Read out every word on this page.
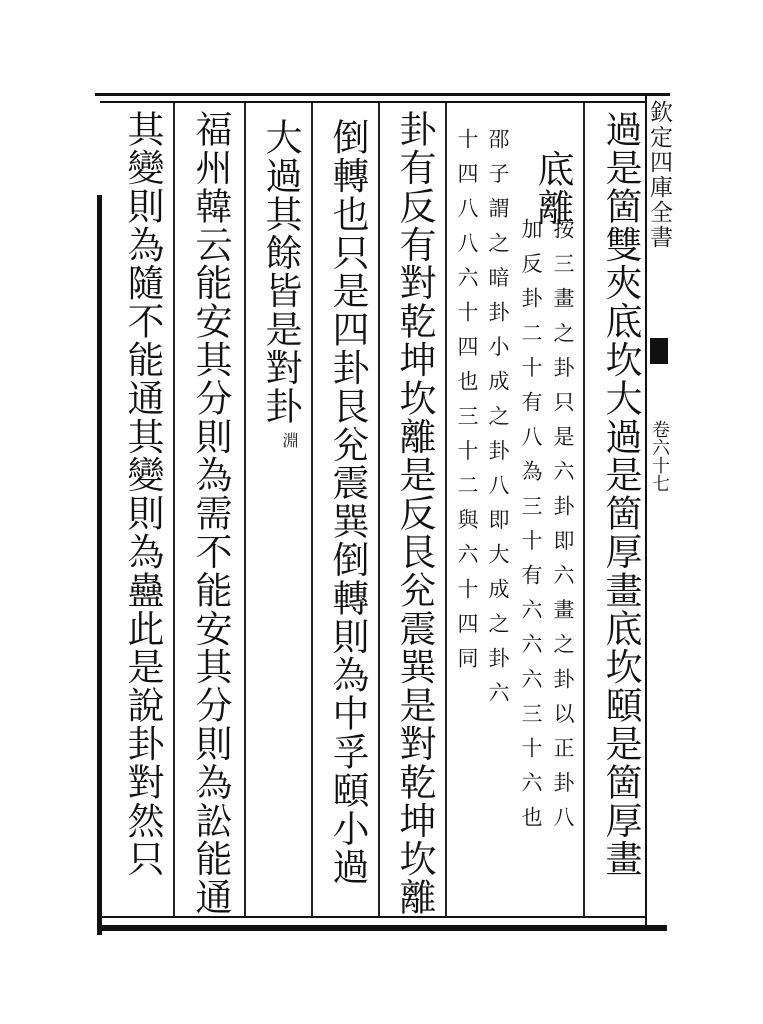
欽定四庫全書
卷六十七
過是箇雙夾底坎大過是箇厚畫底坎頤是箇厚畫
底離
按三畫之卦只是六卦即六畫之卦以正卦八
加反卦二十有八為三十有六六六三十六也
邵子謂之暗卦小成之卦八即大成之卦六
十四八八六十四也三十二與六十四同
卦有反有對乾坤坎離是反艮兊震巽是對乾坤坎離
倒轉也只是四卦艮兊震巽倒轉則為中孚頤小過
大過其餘皆是對卦
淵
福州韓云能安其分則為需不能安其分則為訟能通
其變則為隨不能通其變則為蠱此是說卦對然只
